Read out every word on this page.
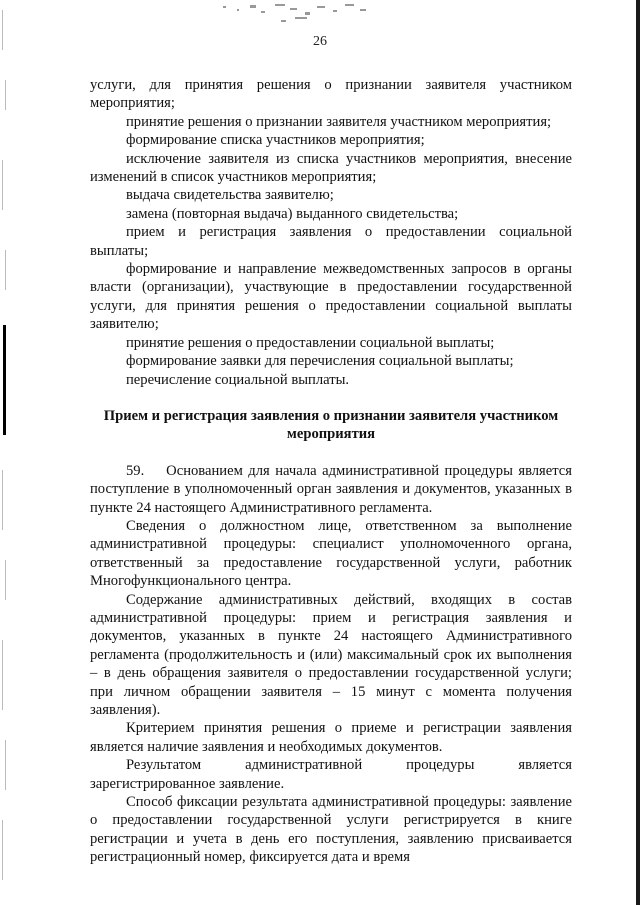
26

услуги, для принятия решения о признании заявителя участником мероприятия;

принятие решения о признании заявителя участником мероприятия;

формирование списка участников мероприятия;

исключение заявителя из списка участников мероприятия, внесение изменений в список участников мероприятия;

выдача свидетельства заявителю;

замена (повторная выдача) выданного свидетельства;

прием и регистрация заявления о предоставлении социальной выплаты;

формирование и направление межведомственных запросов в органы власти (организации), участвующие в предоставлении государственной услуги, для принятия решения о предоставлении социальной выплаты заявителю;

принятие решения о предоставлении социальной выплаты;

формирование заявки для перечисления социальной выплаты;

перечисление социальной выплаты.

Прием и регистрация заявления о признании заявителя участником мероприятия

59.    Основанием для начала административной процедуры является поступление в уполномоченный орган заявления и документов, указанных в пункте 24 настоящего Административного регламента.

Сведения о должностном лице, ответственном за выполнение административной процедуры: специалист уполномоченного органа, ответственный за предоставление государственной услуги, работник Многофункционального центра.

Содержание административных действий, входящих в состав административной процедуры: прием и регистрация заявления и документов, указанных в пункте 24 настоящего Административного регламента (продолжительность и (или) максимальный срок их выполнения – в день обращения заявителя о предоставлении государственной услуги; при личном обращении заявителя – 15 минут с момента получения заявления).

Критерием принятия решения о приеме и регистрации заявления является наличие заявления и необходимых документов.

Результатом административной процедуры является зарегистрированное заявление.

Способ фиксации результата административной процедуры: заявление о предоставлении государственной услуги регистрируется в книге регистрации и учета в день его поступления, заявлению присваивается регистрационный номер, фиксируется дата и время
